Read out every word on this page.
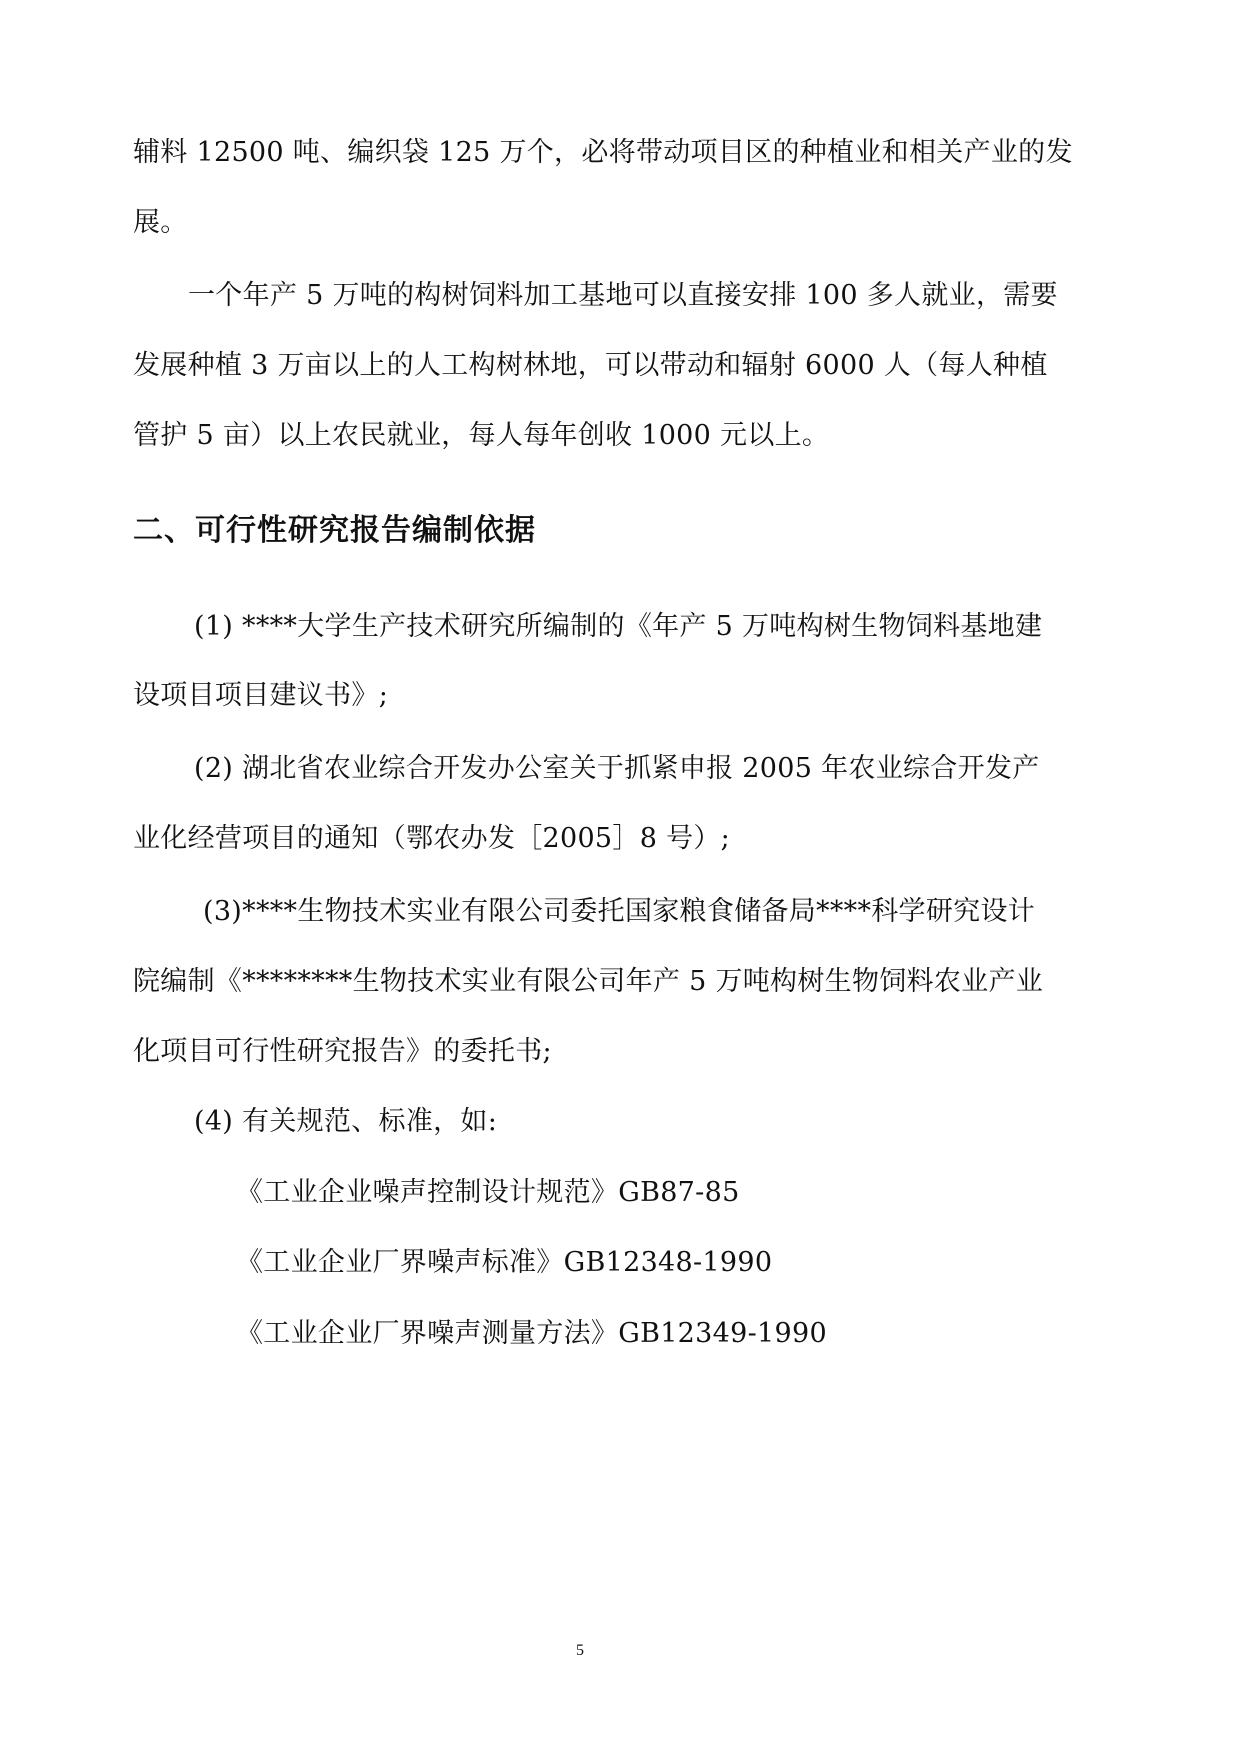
辅料 12500 吨、编织袋 125 万个，必将带动项目区的种植业和相关产业的发
展。
一个年产 5 万吨的构树饲料加工基地可以直接安排 100 多人就业，需要
发展种植 3 万亩以上的人工构树林地，可以带动和辐射 6000 人（每人种植
管护 5 亩）以上农民就业，每人每年创收 1000 元以上。
二、可行性研究报告编制依据
(1) ****大学生产技术研究所编制的《年产 5 万吨构树生物饲料基地建
设项目项目建议书》;
(2) 湖北省农业综合开发办公室关于抓紧申报 2005 年农业综合开发产
业化经营项目的通知（鄂农办发［2005］8 号）;
(3)****生物技术实业有限公司委托国家粮食储备局****科学研究设计
院编制《********生物技术实业有限公司年产 5 万吨构树生物饲料农业产业
化项目可行性研究报告》的委托书;
(4) 有关规范、标准，如:
《工业企业噪声控制设计规范》GB87-85
《工业企业厂界噪声标准》GB12348-1990
《工业企业厂界噪声测量方法》GB12349-1990
5
